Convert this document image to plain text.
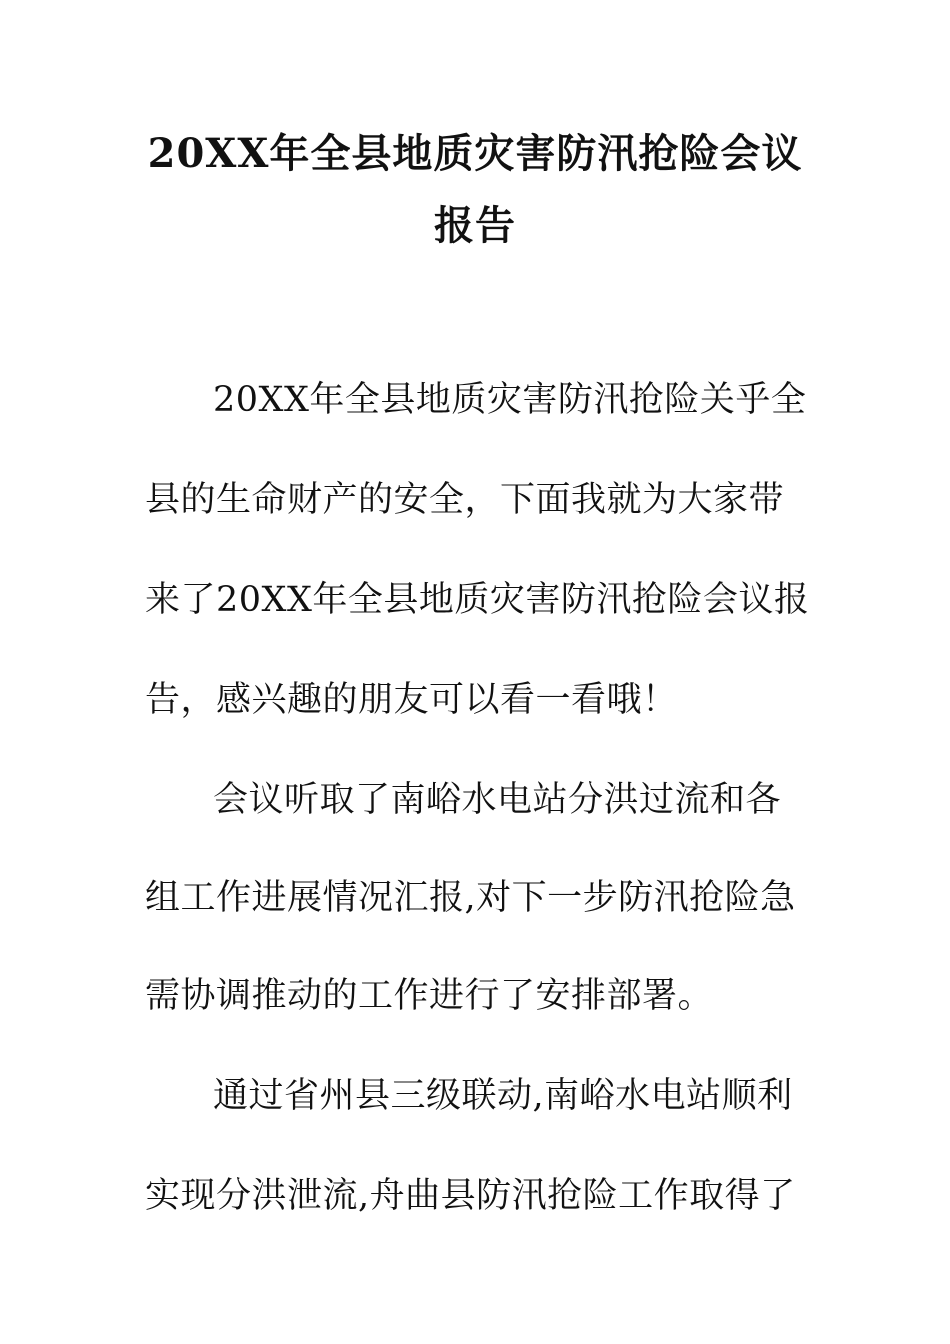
20XX年全县地质灾害防汛抢险会议
报告
20XX年全县地质灾害防汛抢险关乎全
县的生命财产的安全，下面我就为大家带
来了20XX年全县地质灾害防汛抢险会议报
告，感兴趣的朋友可以看一看哦！
会议听取了南峪水电站分洪过流和各
组工作进展情况汇报,对下一步防汛抢险急
需协调推动的工作进行了安排部署。
通过省州县三级联动,南峪水电站顺利
实现分洪泄流,舟曲县防汛抢险工作取得了
